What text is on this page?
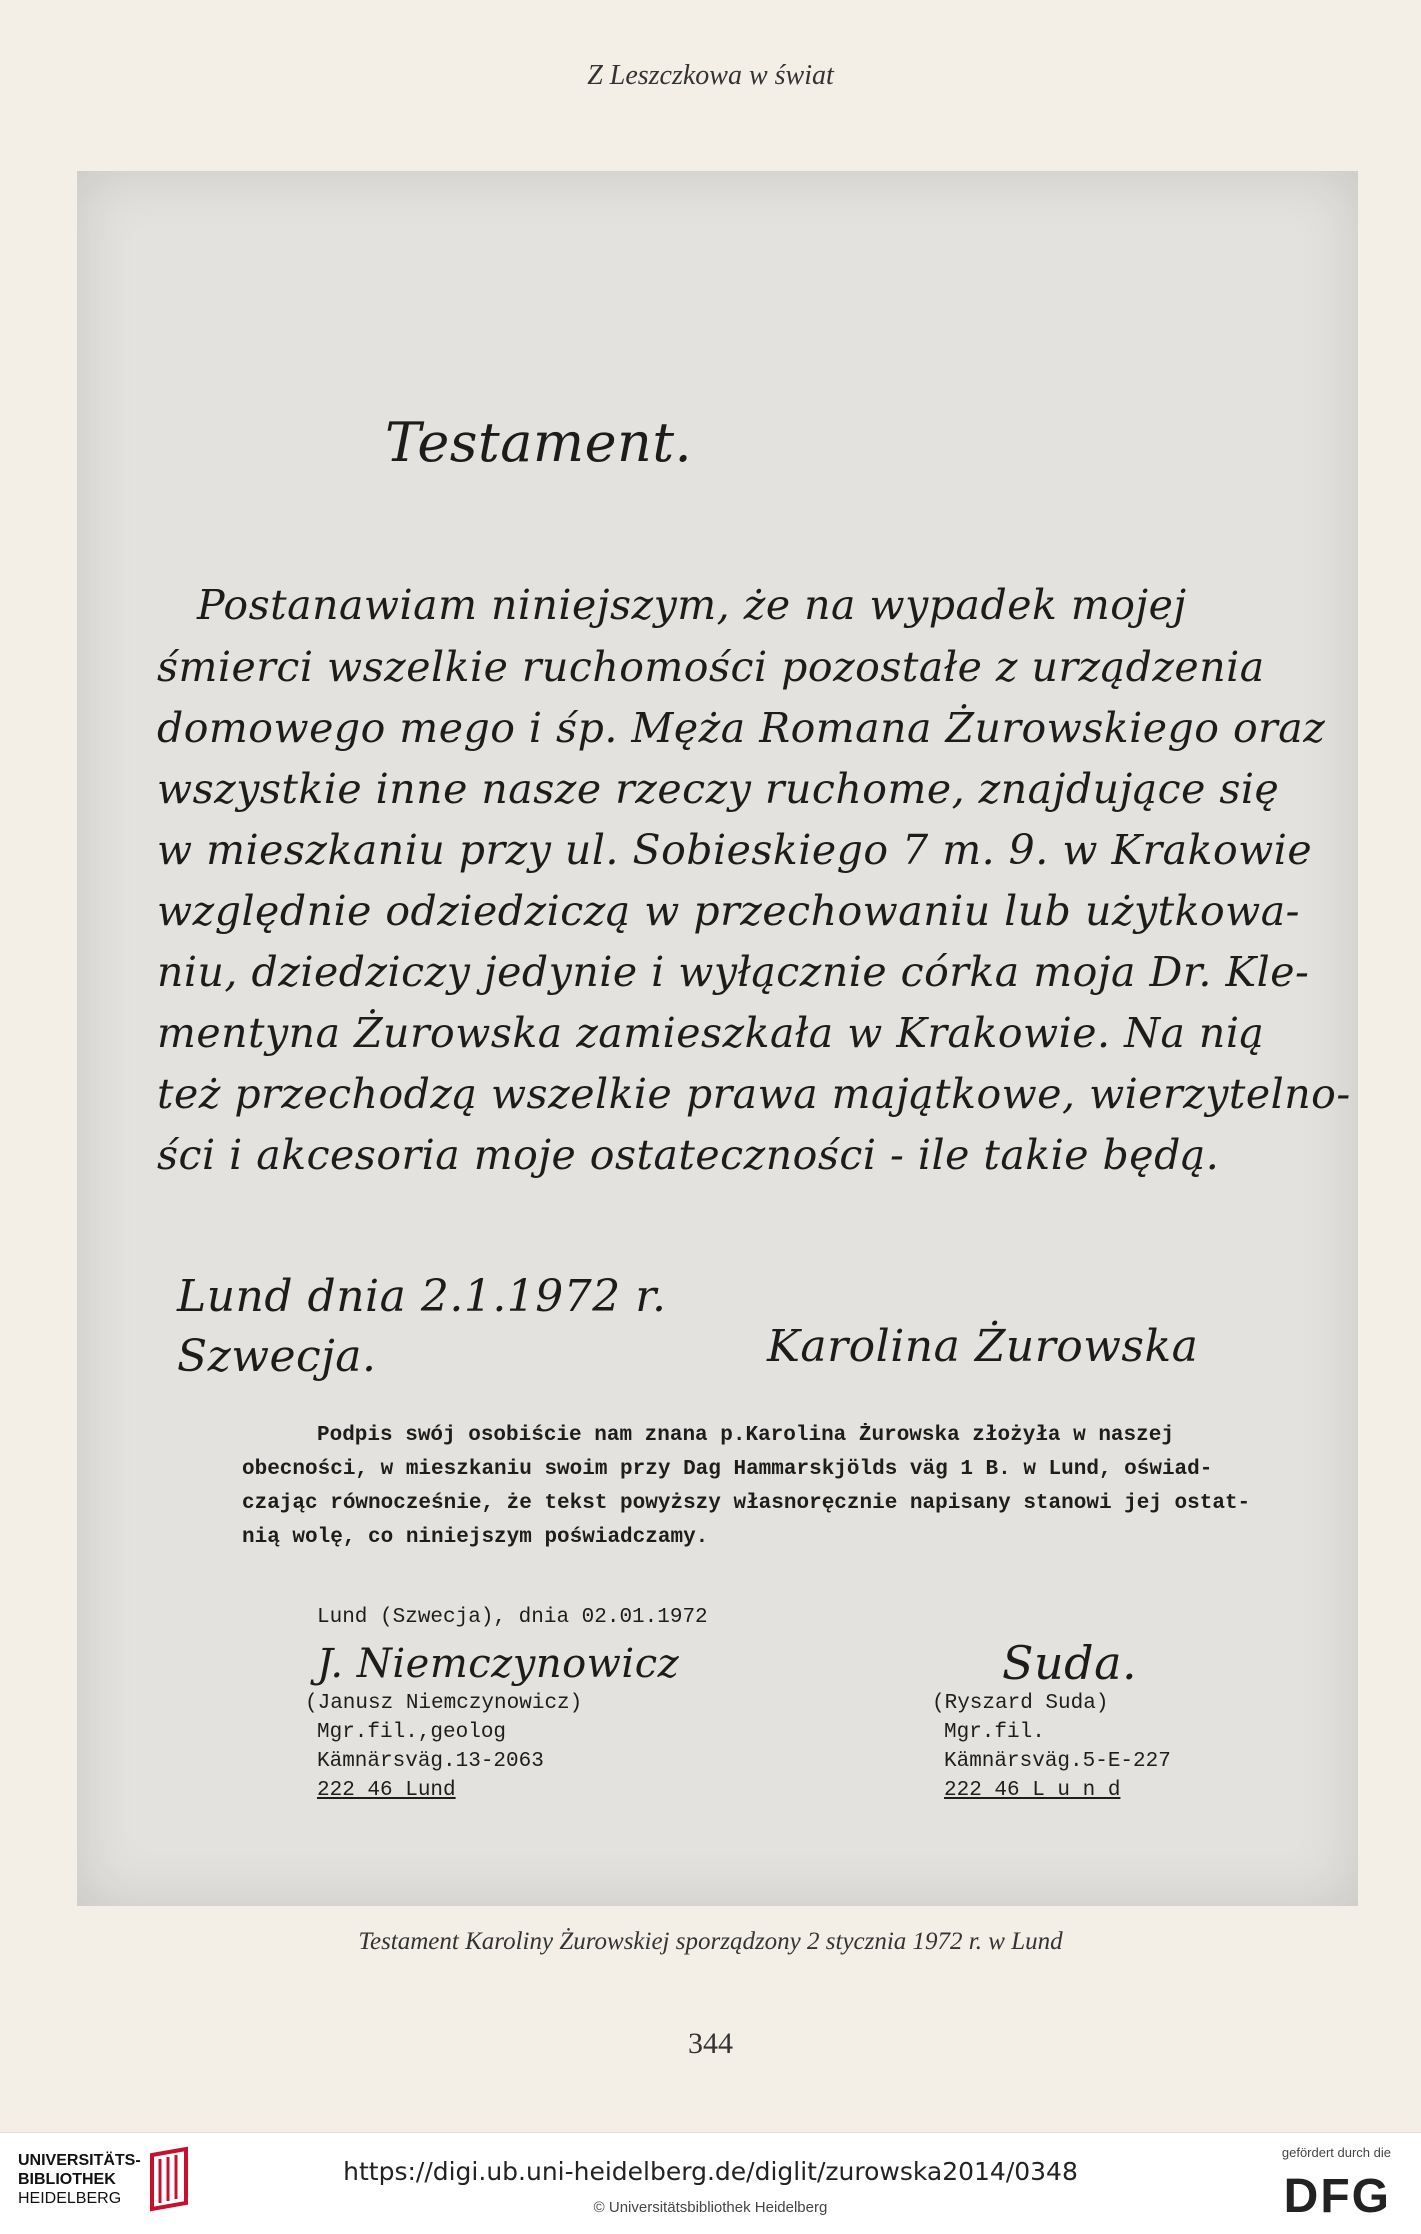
Z Leszczkowa w świat
Testament.
Postanawiam niniejszym, że na wypadek mojej
śmierci wszelkie ruchomości pozostałe z urządzenia
domowego mego i śp. Męża Romana Żurowskiego oraz
wszystkie inne nasze rzeczy ruchome, znajdujące się
w mieszkaniu przy ul. Sobieskiego 7 m. 9. w Krakowie
względnie odziedziczą w przechowaniu lub użytkowa-
niu, dziedziczy jedynie i wyłącznie córka moja Dr. Kle-
mentyna Żurowska zamieszkała w Krakowie. Na nią
też przechodzą wszelkie prawa majątkowe, wierzytelno-
ści i akcesoria moje ostateczności - ile takie będą.
Lund dnia 2.1.1972 r.
Szwecja.	Karolina Żurowska
Podpis swój osobiście nam znana p.Karolina Żurowska złożyła w naszej
obecności, w mieszkaniu swoim przy Dag Hammarskjölds väg 1 B. w Lund, oświad-
czając równocześnie, że tekst powyższy własnoręcznie napisany stanowi jej ostat-
nią wolę, co niniejszym poświadczamy.
Lund (Szwecja), dnia 02.01.1972
J. Niemczynowicz
(Janusz Niemczynowicz)
Mgr.fil.,geolog
Kämnärsväg.13-2063
222 46 Lund
Suda.
(Ryszard Suda)
Mgr.fil.
Kämnärsväg.5-E-227
222 46 L u n d
Testament Karoliny Żurowskiej sporządzony 2 stycznia 1972 r. w Lund
344
UNIVERSITÄTS-
BIBLIOTHEK
HEIDELBERG
https://digi.ub.uni-heidelberg.de/diglit/zurowska2014/0348
© Universitätsbibliothek Heidelberg
gefördert durch die
DFG
